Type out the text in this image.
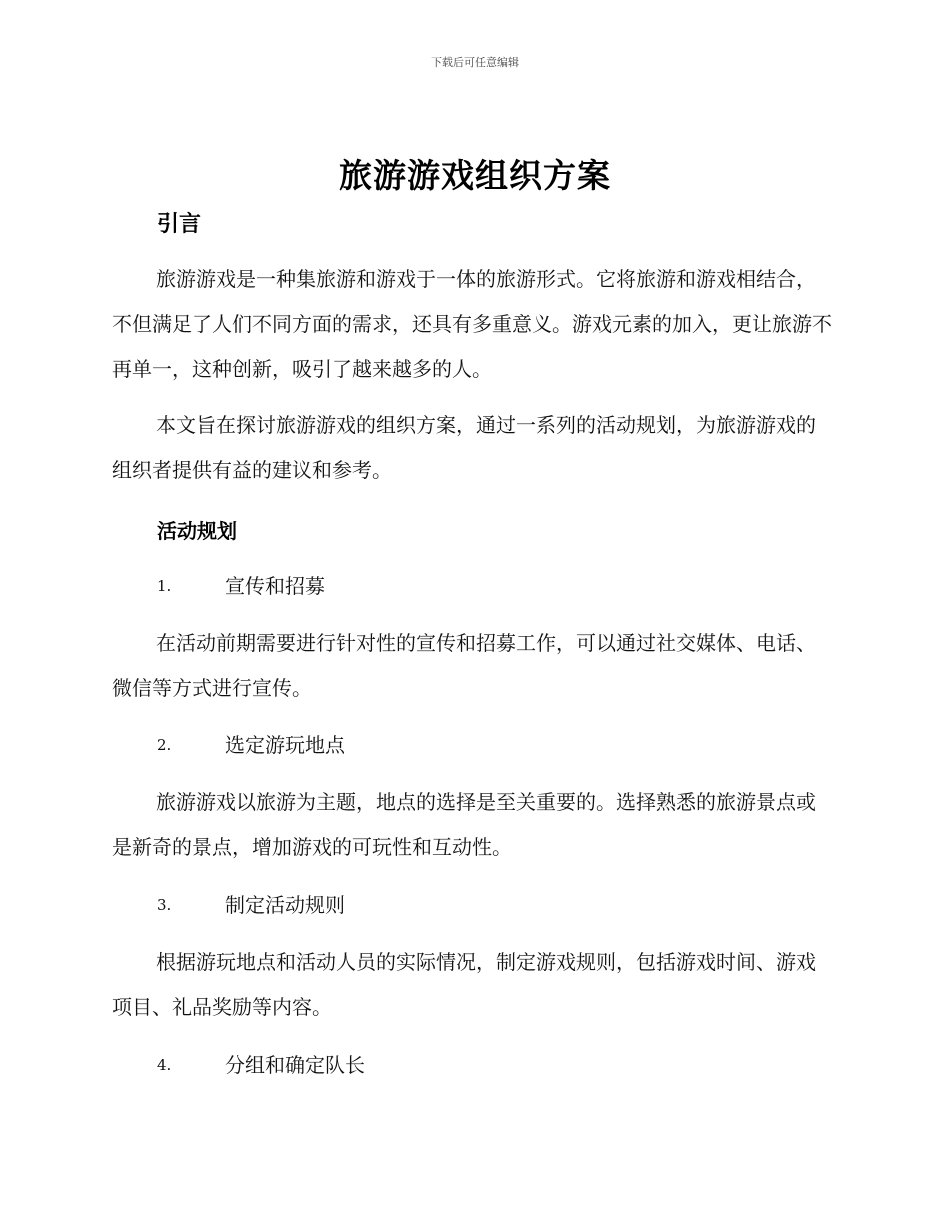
下载后可任意编辑
旅游游戏组织方案
引言

旅游游戏是一种集旅游和游戏于一体的旅游形式。它将旅游和游戏相结合，不但满足了人们不同方面的需求，还具有多重意义。游戏元素的加入，更让旅游不再单一，这种创新，吸引了越来越多的人。

本文旨在探讨旅游游戏的组织方案，通过一系列的活动规划，为旅游游戏的组织者提供有益的建议和参考。

活动规划
1.	宣传和招募

在活动前期需要进行针对性的宣传和招募工作，可以通过社交媒体、电话、微信等方式进行宣传。

2.	选定游玩地点

旅游游戏以旅游为主题，地点的选择是至关重要的。选择熟悉的旅游景点或是新奇的景点，增加游戏的可玩性和互动性。

3.	制定活动规则

根据游玩地点和活动人员的实际情况，制定游戏规则，包括游戏时间、游戏项目、礼品奖励等内容。

4.	分组和确定队长
